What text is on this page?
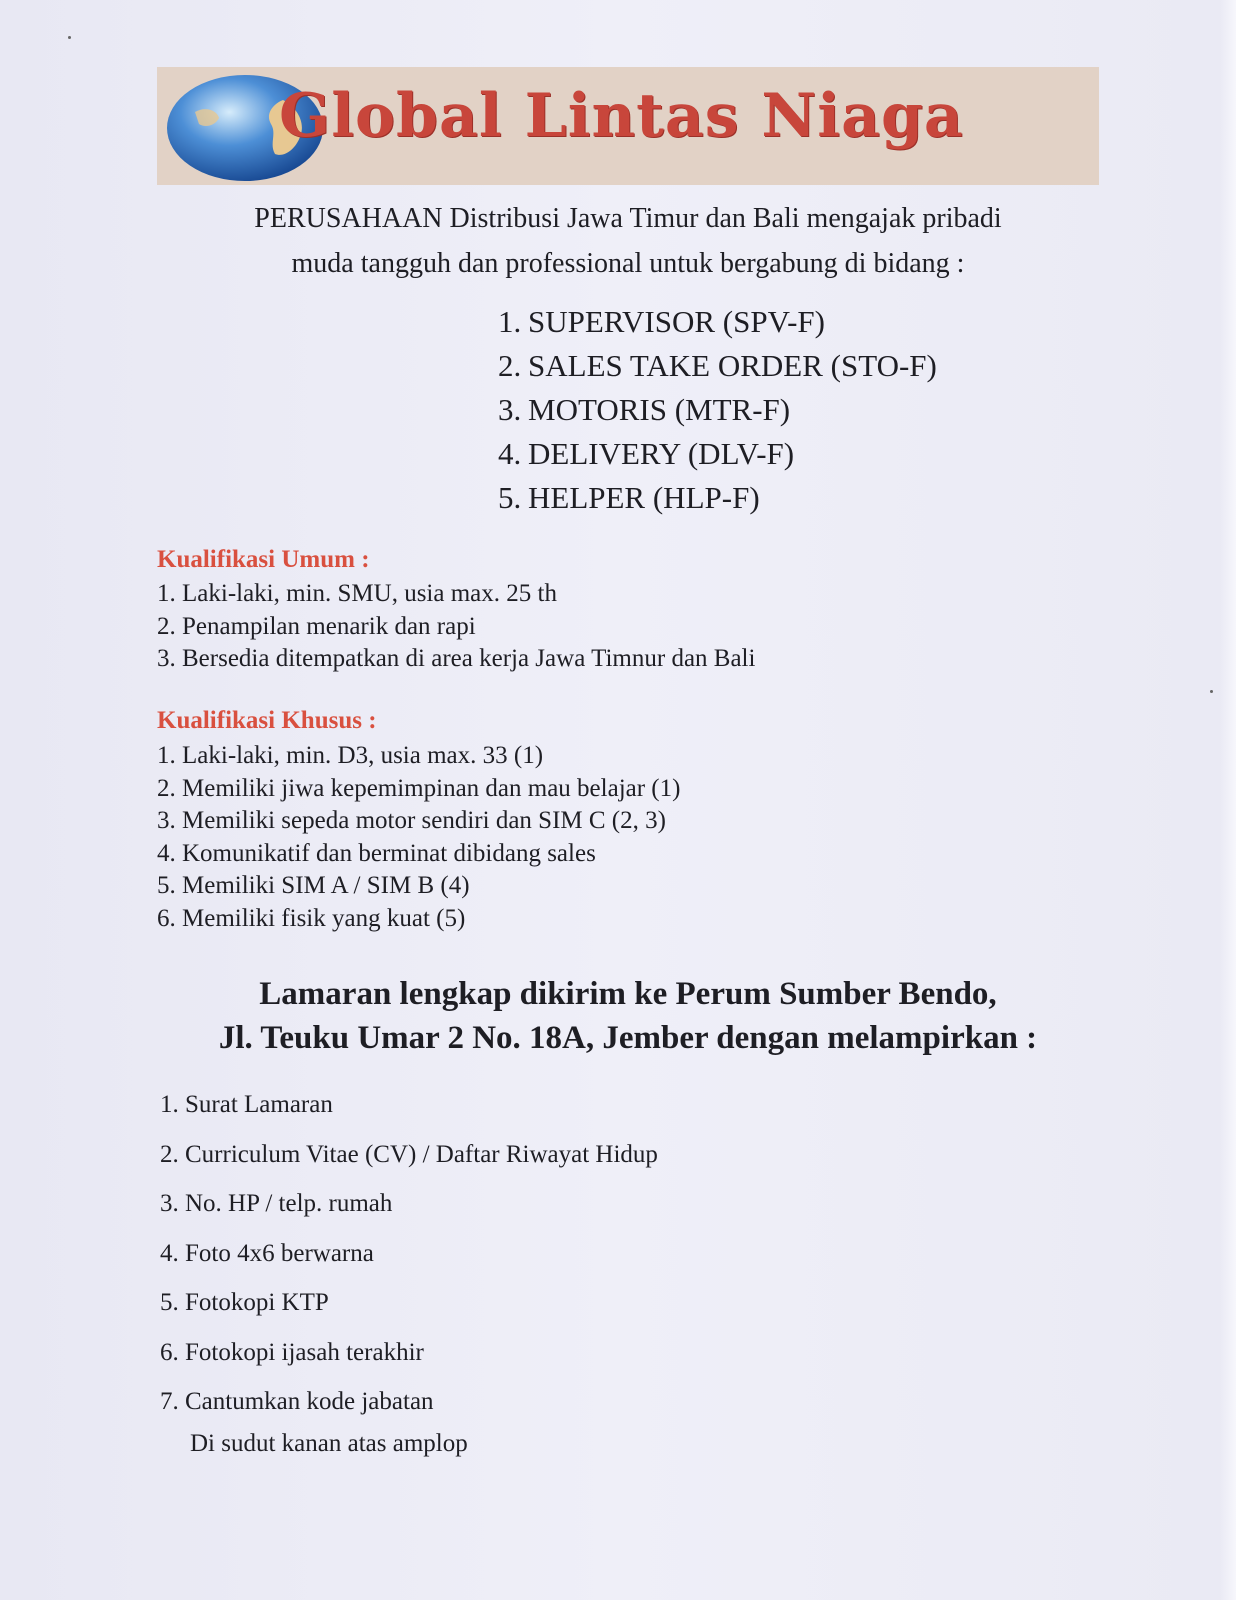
Global Lintas Niaga
PERUSAHAAN Distribusi Jawa Timur dan Bali mengajak pribadi
muda tangguh dan professional untuk bergabung di bidang :
1. SUPERVISOR (SPV-F)
2. SALES TAKE ORDER (STO-F)
3. MOTORIS (MTR-F)
4. DELIVERY (DLV-F)
5. HELPER (HLP-F)
Kualifikasi Umum :
1. Laki-laki, min. SMU, usia max. 25 th
2. Penampilan menarik dan rapi
3. Bersedia ditempatkan di area kerja Jawa Timnur dan Bali
Kualifikasi Khusus :
1. Laki-laki, min. D3, usia max. 33 (1)
2. Memiliki jiwa kepemimpinan dan mau belajar (1)
3. Memiliki sepeda motor sendiri dan SIM C (2, 3)
4. Komunikatif dan berminat dibidang sales
5. Memiliki SIM A / SIM B (4)
6. Memiliki fisik yang kuat (5)
Lamaran lengkap dikirim ke Perum Sumber Bendo,
Jl. Teuku Umar 2 No. 18A, Jember dengan melampirkan :
1. Surat Lamaran
2. Curriculum Vitae (CV) / Daftar Riwayat Hidup
3. No. HP / telp. rumah
4. Foto 4x6 berwarna
5. Fotokopi KTP
6. Fotokopi ijasah terakhir
7. Cantumkan kode jabatan
Di sudut kanan atas amplop
